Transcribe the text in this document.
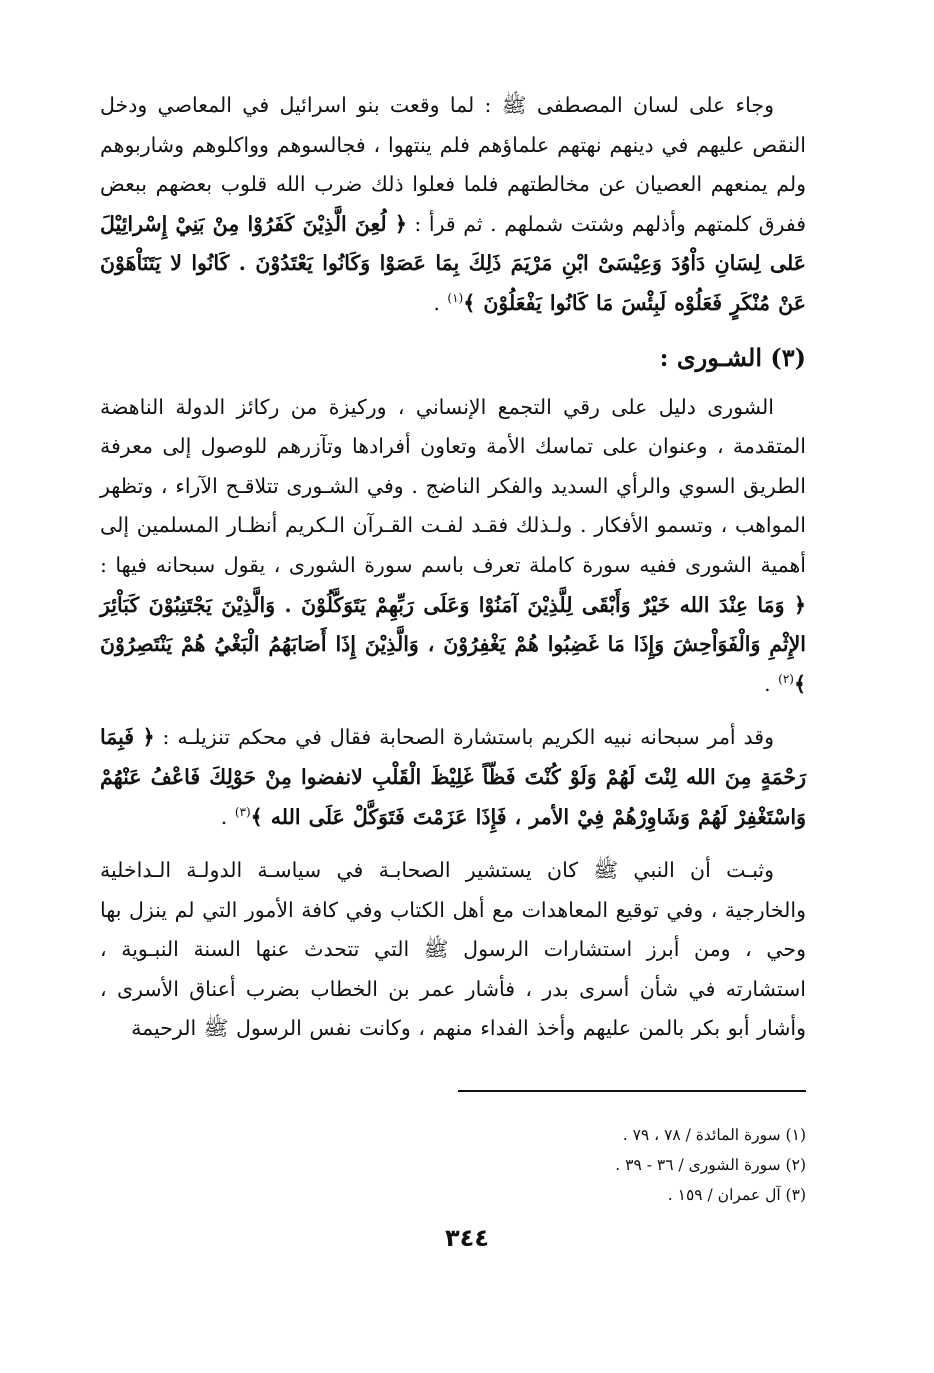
وجاء على لسان المصطفى ﷺ : لما وقعت بنو اسرائيل في المعاصي ودخل النقص عليهم في دينهم نهتهم علماؤهم فلم ينتهوا ، فجالسوهم وواكلوهم وشاربوهم ولم يمنعهم العصيان عن مخالطتهم فلما فعلوا ذلك ضرب الله قلوب بعضهم ببعض ففرق كلمتهم وأذلهم وشتت شملهم . ثم قرأ : ﴿ لُعِنَ الَّذِيْنَ كَفَرُوْا مِنْ بَنِيْ إِسْرائِيْلَ عَلى لِسَانِ دَاْوُدَ وَعِيْسَىْ ابْنِ مَرْيَمَ ذَلِكَ بِمَا عَصَوْا وَكَانُوا يَعْتَدُوْنَ . كَانُوا لا يَتَنَاْهَوْنَ عَنْ مُنْكَرٍ فَعَلُوْه لَبِئْسَ مَا كَانُوا يَفْعَلُوْنَ ﴾$^{(١)}$ .

(٣) الشـورى :

الشورى دليل على رقي التجمع الإنساني ، وركيزة من ركائز الدولة الناهضة المتقدمة ، وعنوان على تماسك الأمة وتعاون أفرادها وتآزرهم للوصول إلى معرفة الطريق السوي والرأي السديد والفكر الناضج . وفي الشـورى تتلاقـح الآراء ، وتظهر المواهب ، وتسمو الأفكار . ولـذلك فقـد لفـت القـرآن الـكريم أنظـار المسلمين إلى أهمية الشورى ففيه سورة كاملة تعرف باسم سورة الشورى ، يقول سبحانه فيها : ﴿ وَمَا عِنْدَ الله خَيْرٌ وَأَبْقَى لِلَّذِيْنَ آمَنُوْا وَعَلَى رَبِّهِمْ يَتَوَكَّلُوْنَ . وَالَّذِيْنَ يَجْتَنِبُوْنَ كَبَاْئِرَ الإِثْمِ وَالْفَوَاْحِشَ وَإِذَا مَا غَضِبُوا هُمْ يَغْفِرُوْنَ ، وَالَّذِيْنَ إِذَا أَصَابَهُمُ الْبَغْيُ هُمْ يَنْتَصِرُوْنَ ﴾$^{(٢)}$ .

وقد أمر سبحانه نبيه الكريم باستشارة الصحابة فقال في محكم تنزيلـه : ﴿ فَبِمَا رَحْمَةٍ مِنَ الله لِنْتَ لَهُمْ وَلَوْ كُنْتَ فَظّاً غَلِيْظَ الْقَلْبِ لانفضوا مِنْ حَوْلِكَ فَاعْفُ عَنْهُمْ وَاسْتَغْفِرْ لَهُمْ وَشَاوِرْهُمْ فِيْ الأمر ، فَإِذَا عَزَمْتَ فَتَوَكَّلْ عَلَى الله ﴾$^{(٣)}$ .

وثبـت أن النبي ﷺ كان يستشير الصحابـة في سياسـة الدولـة الـداخلية والخارجية ، وفي توقيع المعاهدات مع أهل الكتاب وفي كافة الأمور التي لم ينزل بها وحي ، ومن أبرز استشارات الرسول ﷺ التي تتحدث عنها السنة النبـوية ، استشارته في شأن أسرى بدر ، فأشار عمر بن الخطاب بضرب أعناق الأسرى ، وأشار أبو بكر بالمن عليهم وأخذ الفداء منهم ، وكانت نفس الرسول ﷺ الرحيمة

(١) سورة المائدة / ٧٨ ، ٧٩ .

(٢) سورة الشورى / ٣٦ - ٣٩ .

(٣) آل عمران / ١٥٩ .

٣٤٤
